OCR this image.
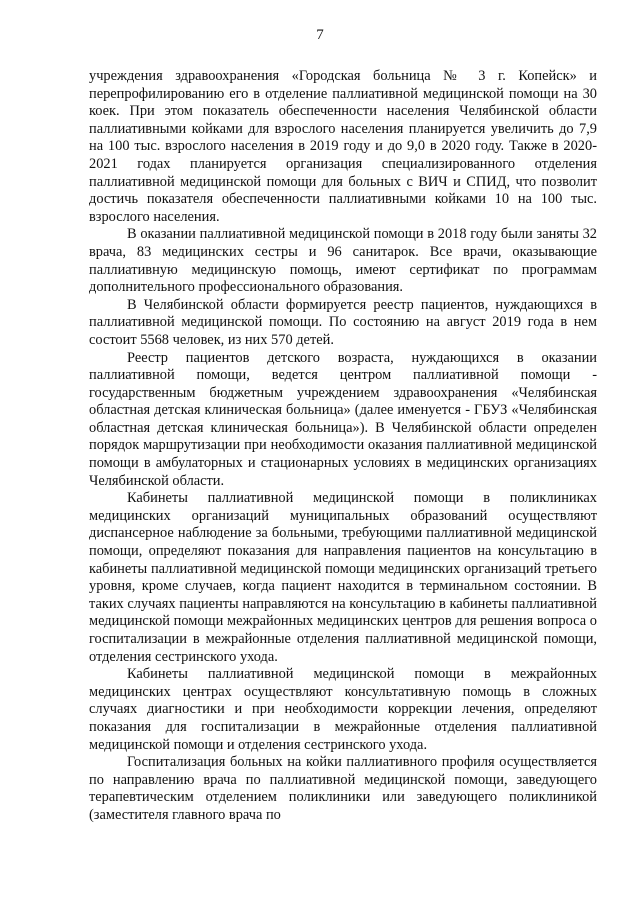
7

учреждения здравоохранения «Городская больница № 3 г. Копейск» и перепрофилированию его в отделение паллиативной медицинской помощи на 30 коек. При этом показатель обеспеченности населения Челябинской области паллиативными койками для взрослого населения планируется увеличить до 7,9 на 100 тыс. взрослого населения в 2019 году и до 9,0 в 2020 году. Также в 2020-2021 годах планируется организация специализированного отделения паллиативной медицинской помощи для больных с ВИЧ и СПИД, что позволит достичь показателя обеспеченности паллиативными койками 10 на 100 тыс. взрослого населения.

В оказании паллиативной медицинской помощи в 2018 году были заняты 32 врача, 83 медицинских сестры и 96 санитарок. Все врачи, оказывающие паллиативную медицинскую помощь, имеют сертификат по программам дополнительного профессионального образования.

В Челябинской области формируется реестр пациентов, нуждающихся в паллиативной медицинской помощи. По состоянию на август 2019 года в нем состоит 5568 человек, из них 570 детей.

Реестр пациентов детского возраста, нуждающихся в оказании паллиативной помощи, ведется центром паллиативной помощи - государственным бюджетным учреждением здравоохранения «Челябинская областная детская клиническая больница» (далее именуется - ГБУЗ «Челябинская областная детская клиническая больница»). В Челябинской области определен порядок маршрутизации при необходимости оказания паллиативной медицинской помощи в амбулаторных и стационарных условиях в медицинских организациях Челябинской области.

Кабинеты паллиативной медицинской помощи в поликлиниках медицинских организаций муниципальных образований осуществляют диспансерное наблюдение за больными, требующими паллиативной медицинской помощи, определяют показания для направления пациентов на консультацию в кабинеты паллиативной медицинской помощи медицинских организаций третьего уровня, кроме случаев, когда пациент находится в терминальном состоянии. В таких случаях пациенты направляются на консультацию в кабинеты паллиативной медицинской помощи межрайонных медицинских центров для решения вопроса о госпитализации в межрайонные отделения паллиативной медицинской помощи, отделения сестринского ухода.

Кабинеты паллиативной медицинской помощи в межрайонных медицинских центрах осуществляют консультативную помощь в сложных случаях диагностики и при необходимости коррекции лечения, определяют показания для госпитализации в межрайонные отделения паллиативной медицинской помощи и отделения сестринского ухода.

Госпитализация больных на койки паллиативного профиля осуществляется по направлению врача по паллиативной медицинской помощи, заведующего терапевтическим отделением поликлиники или заведующего поликлиникой (заместителя главного врача по
